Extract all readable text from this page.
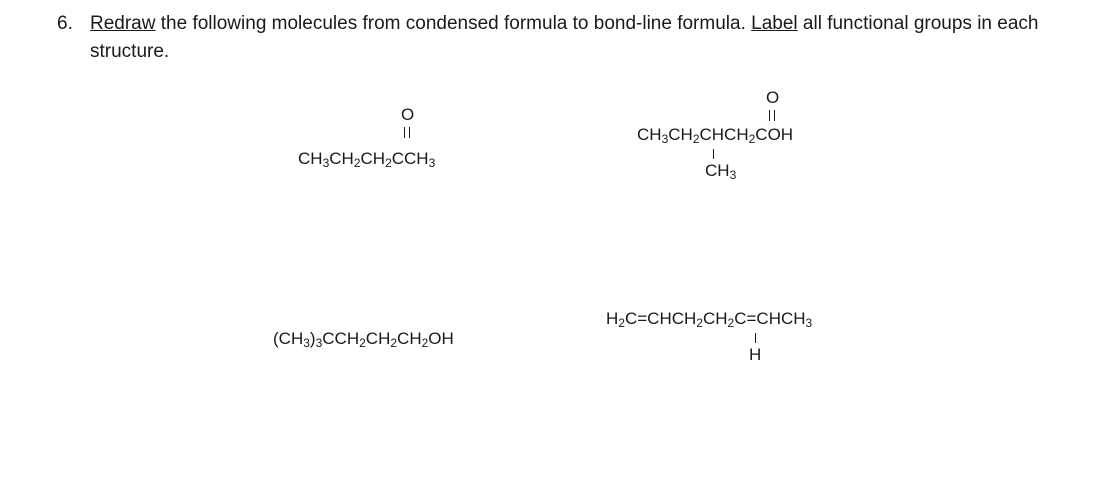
6. Redraw the following molecules from condensed formula to bond-line formula. Label all functional groups in each structure.
O
$CH_3CH_2CH_2CCH_3$
O
$CH_3CH_2CHCH_2COH$
$CH_3$
$(CH_3)_3CCH_2CH_2CH_2OH$
$H_2C=CHCH_2CH_2C=CHCH_3$
H
